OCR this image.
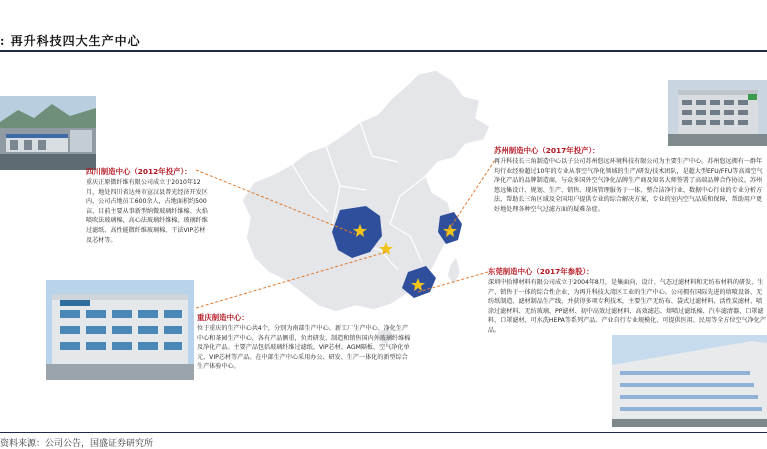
: 再升科技四大生产中心
四川制造中心（2012年投产）：
重庆正原微纤维有限公司成立于2010年12月，地处四川省达州市宣汉县普光经济开发区内，公司占地员工600余人，占地面积约500亩，目前主要从事新型纳微玻璃纤维棉、火焰喷吹法玻璃棉、高心法玻璃纤维棉、玻璃纤维过滤纸、高性能微纤维玻璃棉、干法VIP芯材及芯材等。
苏州制造中心（2017年投产）：
再升科技长三角制造中心以子公司苏州悠远环境科技有限公司为主要生产中心。苏州悠远拥有一群年均行业经验超过10年的专业从事空气净化领域的生产/研发/技术团队，是超大型EFU/FFU等高端空气净化产品的品牌制造商，与众多国外空气净化品牌生产商及知名大师签署了高端品牌合作协议。苏州悠远集设计、规划、生产、销售、现场管理服务于一体，整合洁净行业、数据中心行业的专业分析方法，帮助长三角区域及全国用户提供专业的综合解决方案，专业的室内空气品质和保障，帮助用户更好地处理各种空气过滤方面的疑难杂症。
重庆制造中心：
位于重庆的生产中心共4个，分别为南部生产中心、新工厂生产中心、净化生产中心和茶园生产中心，各有产品侧重，负责研发、制造和销售国内外玻璃纤维棉及净化产品。主要产品包括玻璃纤维过滤纸、VIP芯材、AGM隔板、空气净化单元、VIP芯材等产品。在中部生产中心采用办公、研发、生产一体化的新型综合生产体验中心。
东莞制造中心（2017年参股）：
深圳中拾博材料有限公司成立于2004年8月，是集面向、设计、气态过滤材料和无纺布材料的研发、生产、销售于一体的综合性企业，为再升科技大湾区工业的生产中心。公司拥有国际先进的熔喷设备、无纺纸制造、滤材制品生产线，并获得多项专利技术，主要生产无纺布、袋式过滤材料、活性炭滤材、喷涂过滤材料、无纺玻璃、PP滤材、初中高效过滤材料、高效滤芯、熔喷过滤纸棉、汽车滤清器、口罩滤料、口罩滤材、可水洗HEPA等系列产品。产业自行专业规模化、可提供医用、民用等全方位空气净化产品。
资料来源：公司公告，国盛证券研究所
